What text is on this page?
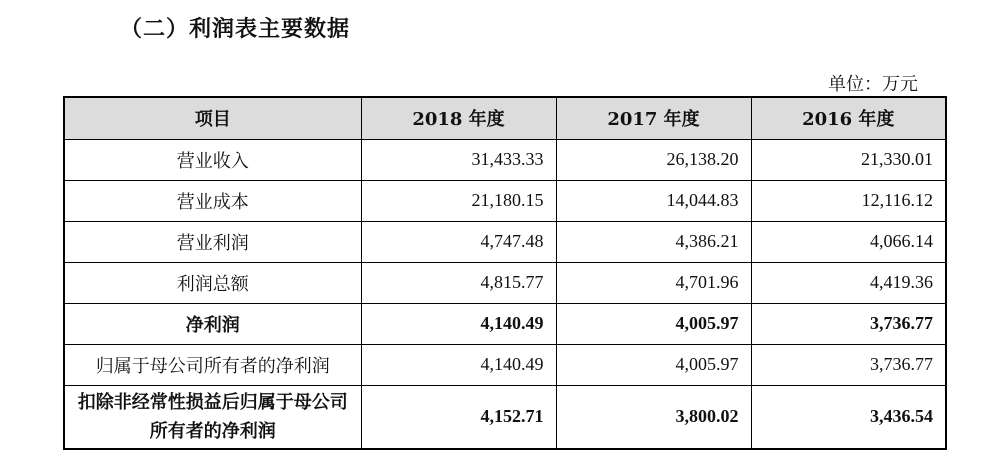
（二）利润表主要数据
单位：万元
项目	2018 年度	2017 年度	2016 年度
营业收入	31,433.33	26,138.20	21,330.01
营业成本	21,180.15	14,044.83	12,116.12
营业利润	4,747.48	4,386.21	4,066.14
利润总额	4,815.77	4,701.96	4,419.36
净利润	4,140.49	4,005.97	3,736.77
归属于母公司所有者的净利润	4,140.49	4,005.97	3,736.77
扣除非经常性损益后归属于母公司所有者的净利润	4,152.71	3,800.02	3,436.54
